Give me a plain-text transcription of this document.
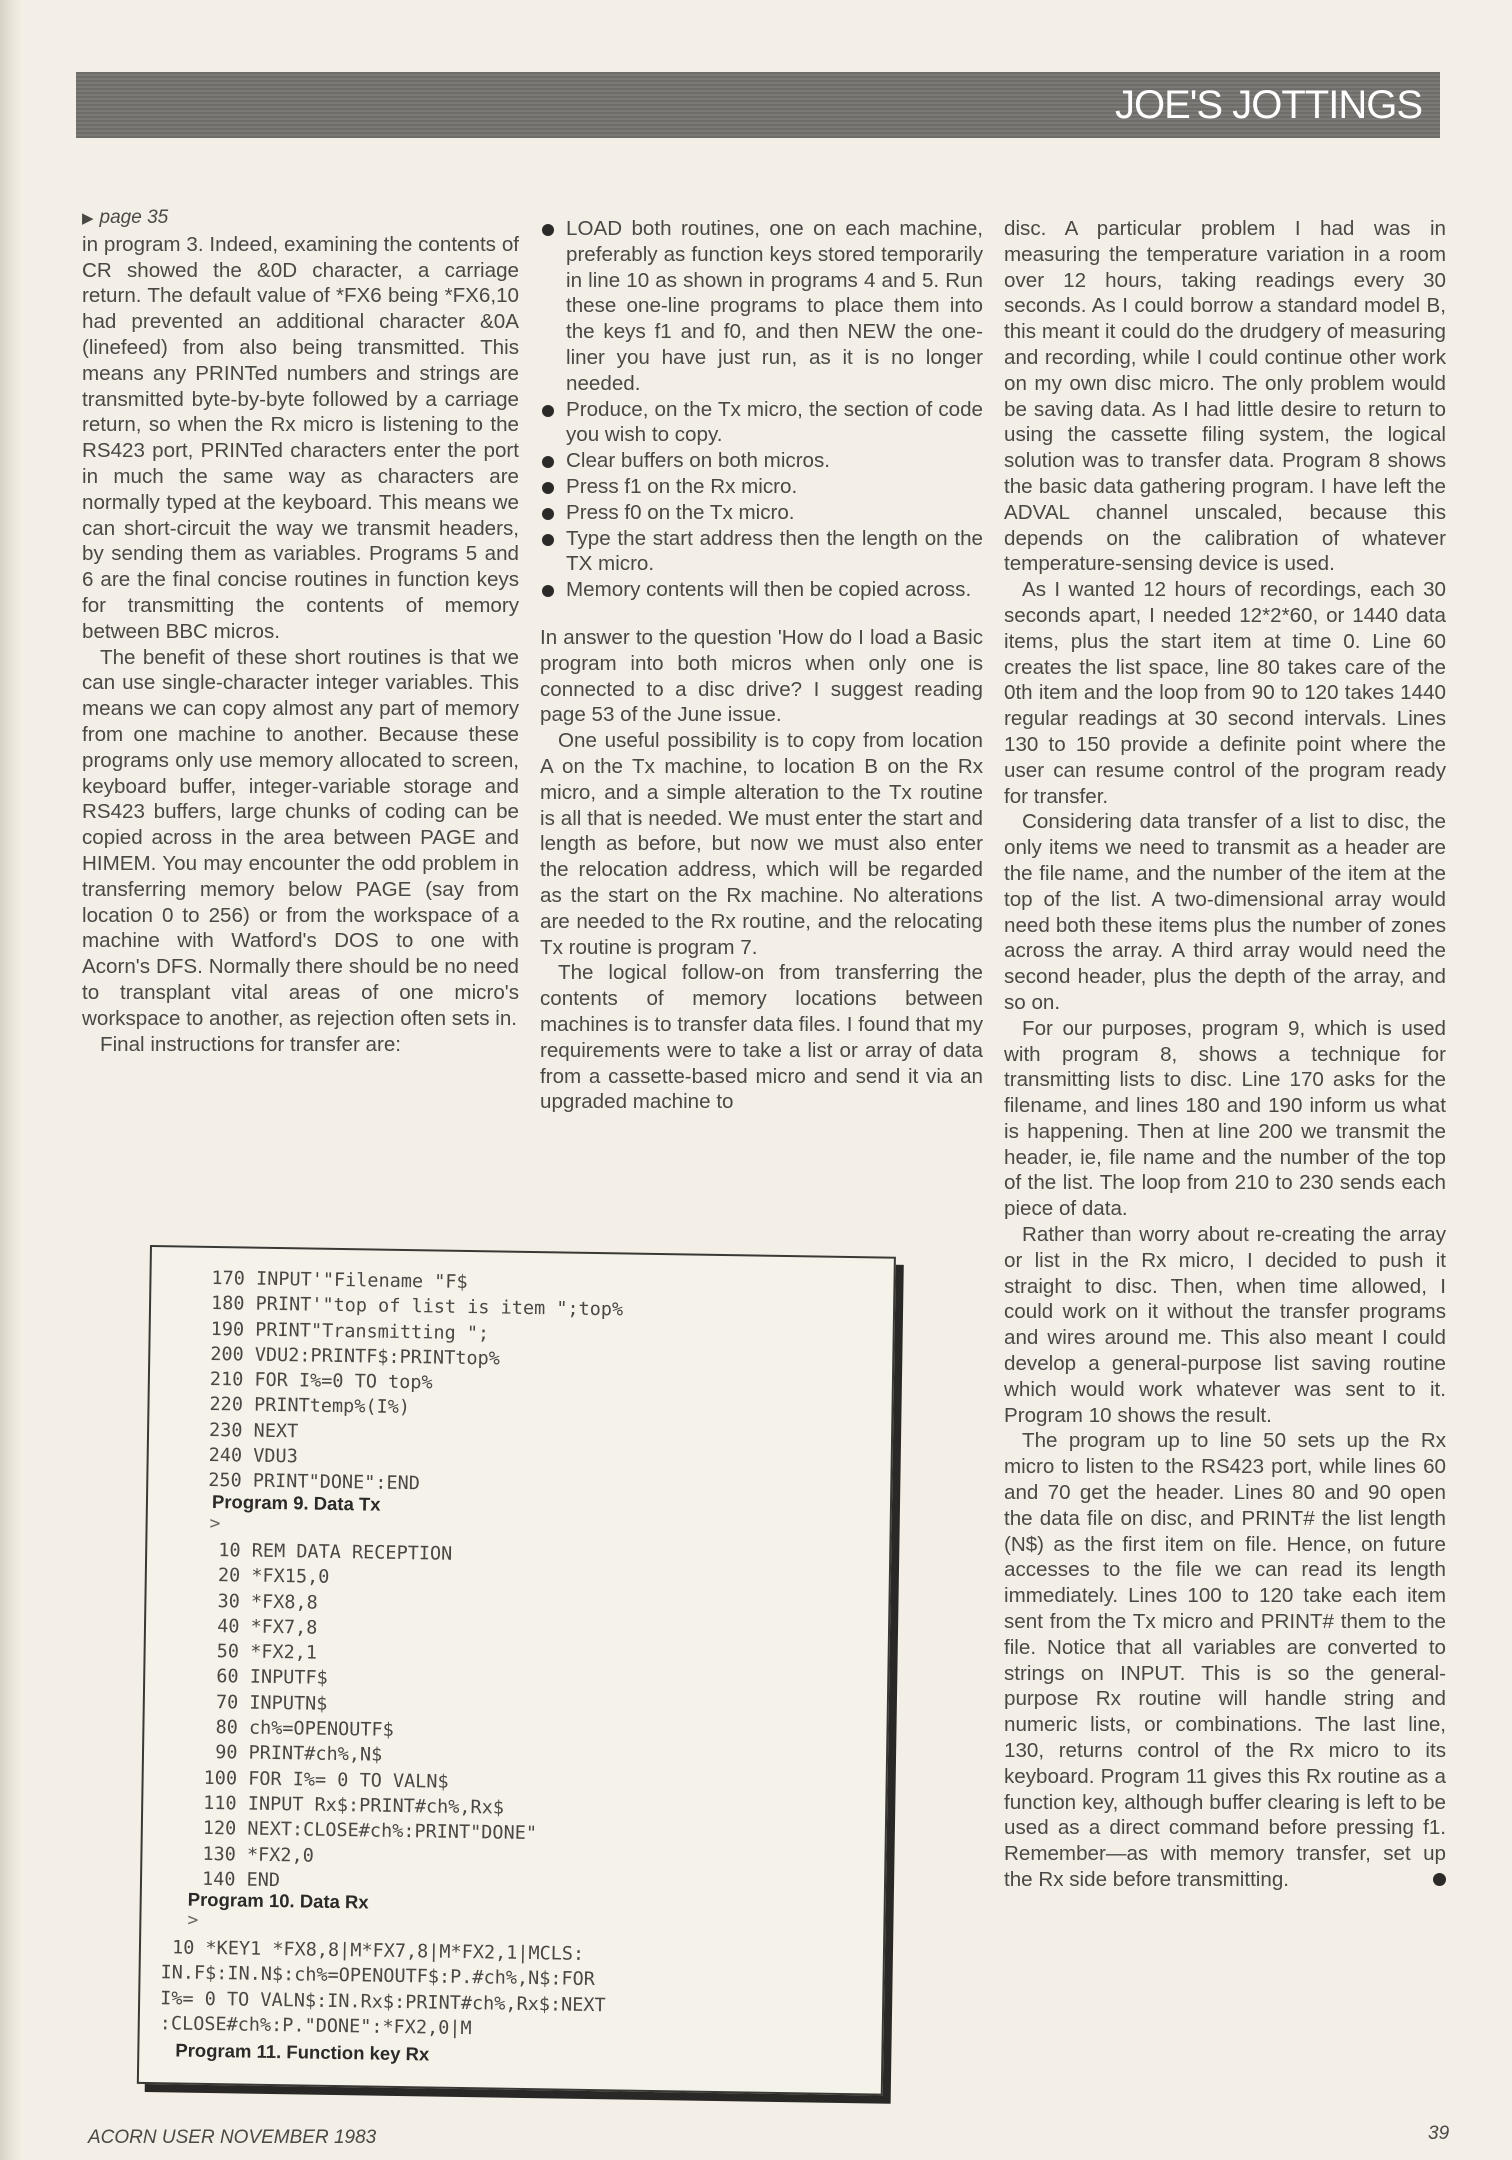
JOE'S JOTTINGS
▶ page 35

in program 3. Indeed, examining the contents of CR showed the &0D character, a carriage return. The default value of *FX6 being *FX6,10 had prevented an additional character &0A (linefeed) from also being transmitted. This means any PRINTed numbers and strings are transmitted byte-by-byte followed by a carriage return, so when the Rx micro is listening to the RS423 port, PRINTed characters enter the port in much the same way as characters are normally typed at the keyboard. This means we can short-circuit the way we transmit headers, by sending them as variables. Programs 5 and 6 are the final concise routines in function keys for transmitting the contents of memory between BBC micros.

The benefit of these short routines is that we can use single-character integer variables. This means we can copy almost any part of memory from one machine to another. Because these programs only use memory allocated to screen, keyboard buffer, integer-variable storage and RS423 buffers, large chunks of coding can be copied across in the area between PAGE and HIMEM. You may encounter the odd problem in transferring memory below PAGE (say from location 0 to 256) or from the workspace of a machine with Watford's DOS to one with Acorn's DFS. Normally there should be no need to transplant vital areas of one micro's workspace to another, as rejection often sets in.

Final instructions for transfer are:

LOAD both routines, one on each machine, preferably as function keys stored temporarily in line 10 as shown in programs 4 and 5. Run these one-line programs to place them into the keys f1 and f0, and then NEW the one-liner you have just run, as it is no longer needed.
Produce, on the Tx micro, the section of code you wish to copy.
Clear buffers on both micros.
Press f1 on the Rx micro.
Press f0 on the Tx micro.
Type the start address then the length on the TX micro.
Memory contents will then be copied across.

In answer to the question 'How do I load a Basic program into both micros when only one is connected to a disc drive? I suggest reading page 53 of the June issue.

One useful possibility is to copy from location A on the Tx machine, to location B on the Rx micro, and a simple alteration to the Tx routine is all that is needed. We must enter the start and length as before, but now we must also enter the relocation address, which will be regarded as the start on the Rx machine. No alterations are needed to the Rx routine, and the relocating Tx routine is program 7.

The logical follow-on from transferring the contents of memory locations between machines is to transfer data files. I found that my requirements were to take a list or array of data from a cassette-based micro and send it via an upgraded machine to

disc. A particular problem I had was in measuring the temperature variation in a room over 12 hours, taking readings every 30 seconds. As I could borrow a standard model B, this meant it could do the drudgery of measuring and recording, while I could continue other work on my own disc micro. The only problem would be saving data. As I had little desire to return to using the cassette filing system, the logical solution was to transfer data. Program 8 shows the basic data gathering program. I have left the ADVAL channel unscaled, because this depends on the calibration of whatever temperature-sensing device is used.

As I wanted 12 hours of recordings, each 30 seconds apart, I needed 12*2*60, or 1440 data items, plus the start item at time 0. Line 60 creates the list space, line 80 takes care of the 0th item and the loop from 90 to 120 takes 1440 regular readings at 30 second intervals. Lines 130 to 150 provide a definite point where the user can resume control of the program ready for transfer.

Considering data transfer of a list to disc, the only items we need to transmit as a header are the file name, and the number of the item at the top of the list. A two-dimensional array would need both these items plus the number of zones across the array. A third array would need the second header, plus the depth of the array, and so on.

For our purposes, program 9, which is used with program 8, shows a technique for transmitting lists to disc. Line 170 asks for the filename, and lines 180 and 190 inform us what is happening. Then at line 200 we transmit the header, ie, file name and the number of the top of the list. The loop from 210 to 230 sends each piece of data.

Rather than worry about re-creating the array or list in the Rx micro, I decided to push it straight to disc. Then, when time allowed, I could work on it without the transfer programs and wires around me. This also meant I could develop a general-purpose list saving routine which would work whatever was sent to it. Program 10 shows the result.

The program up to line 50 sets up the Rx micro to listen to the RS423 port, while lines 60 and 70 get the header. Lines 80 and 90 open the data file on disc, and PRINT# the list length (N$) as the first item on file. Hence, on future accesses to the file we can read its length immediately. Lines 100 to 120 take each item sent from the Tx micro and PRINT# them to the file. Notice that all variables are converted to strings on INPUT. This is so the general-purpose Rx routine will handle string and numeric lists, or combinations. The last line, 130, returns control of the Rx micro to its keyboard. Program 11 gives this Rx routine as a function key, although buffer clearing is left to be used as a direct command before pressing f1. Remember—as with memory transfer, set up the Rx side before transmitting.

170 INPUT'"Filename "F$
180 PRINT'"top of list is item ";top%
190 PRINT"Transmitting ";
200 VDU2:PRINTF$:PRINTtop%
210 FOR I%=0 TO top%
220 PRINTtemp%(I%)
230 NEXT
240 VDU3
250 PRINT"DONE":END
Program 9. Data Tx
>
10 REM DATA RECEPTION
20 *FX15,0
30 *FX8,8
40 *FX7,8
50 *FX2,1
60 INPUTF$
70 INPUTN$
80 ch%=OPENOUTF$
90 PRINT#ch%,N$
100 FOR I%= 0 TO VALN$
110 INPUT Rx$:PRINT#ch%,Rx$
120 NEXT:CLOSE#ch%:PRINT"DONE"
130 *FX2,0
140 END
Program 10. Data Rx
>
10 *KEY1 *FX8,8|M*FX7,8|M*FX2,1|MCLS:
IN.F$:IN.N$:ch%=OPENOUTF$:P.#ch%,N$:FOR
I%= 0 TO VALN$:IN.Rx$:PRINT#ch%,Rx$:NEXT
:CLOSE#ch%:P."DONE":*FX2,0|M
Program 11. Function key Rx
ACORN USER NOVEMBER 1983	39
